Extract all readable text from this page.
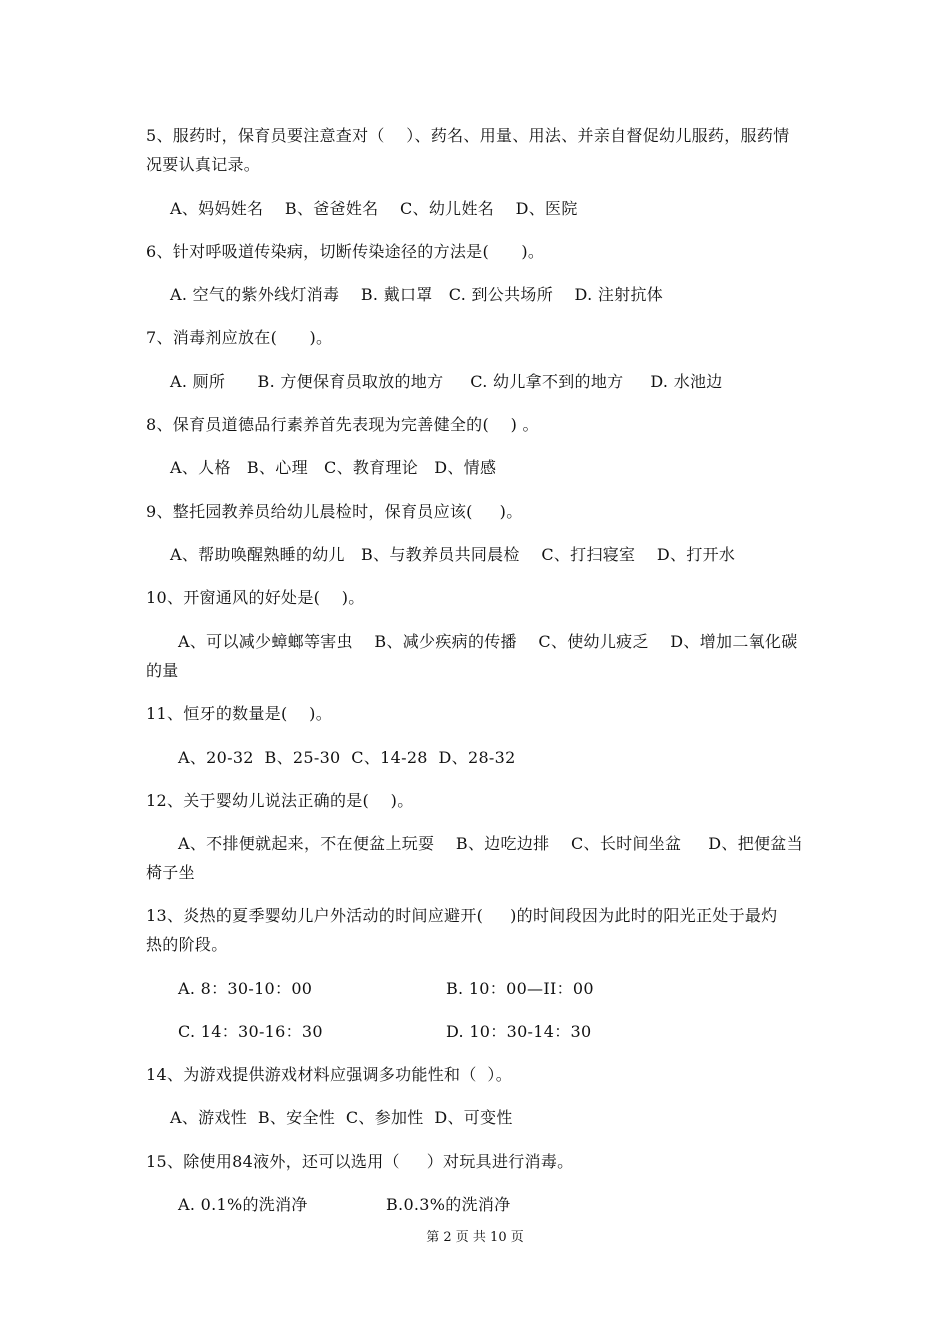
5、服药时，保育员要注意查对（    ）、药名、用量、用法、并亲自督促幼儿服药，服药情
况要认真记录。
A、妈妈姓名    B、爸爸姓名    C、幼儿姓名    D、医院
6、针对呼吸道传染病，切断传染途径的方法是(      )。
A. 空气的紫外线灯消毒    B. 戴口罩   C. 到公共场所    D. 注射抗体
7、消毒剂应放在(      )。
A. 厕所      B. 方便保育员取放的地方     C. 幼儿拿不到的地方     D. 水池边
8、保育员道德品行素养首先表现为完善健全的(    ) 。
A、人格   B、心理   C、教育理论   D、情感
9、整托园教养员给幼儿晨检时，保育员应该(     )。
A、帮助唤醒熟睡的幼儿   B、与教养员共同晨检    C、打扫寝室    D、打开水
10、开窗通风的好处是(    )。
A、可以减少蟑螂等害虫    B、减少疾病的传播    C、使幼儿疲乏    D、增加二氧化碳
的量
11、恒牙的数量是(    )。
A、20-32  B、25-30  C、14-28  D、28-32
12、关于婴幼儿说法正确的是(    )。
A、不排便就起来，不在便盆上玩耍    B、边吃边排    C、长时间坐盆     D、把便盆当
椅子坐
13、炎热的夏季婴幼儿户外活动的时间应避开(     )的时间段因为此时的阳光正处于最灼
热的阶段。
A. 8：30-10：00	B. 10：00—II：00
C. 14：30-16：30	D. 10：30-14：30
14、为游戏提供游戏材料应强调多功能性和（  ）。
A、游戏性  B、安全性  C、参加性  D、可变性
15、除使用84液外，还可以选用（     ）对玩具进行消毒。
A. 0.1%的洗消净	B.0.3%的洗消净
第 2 页 共 10 页
